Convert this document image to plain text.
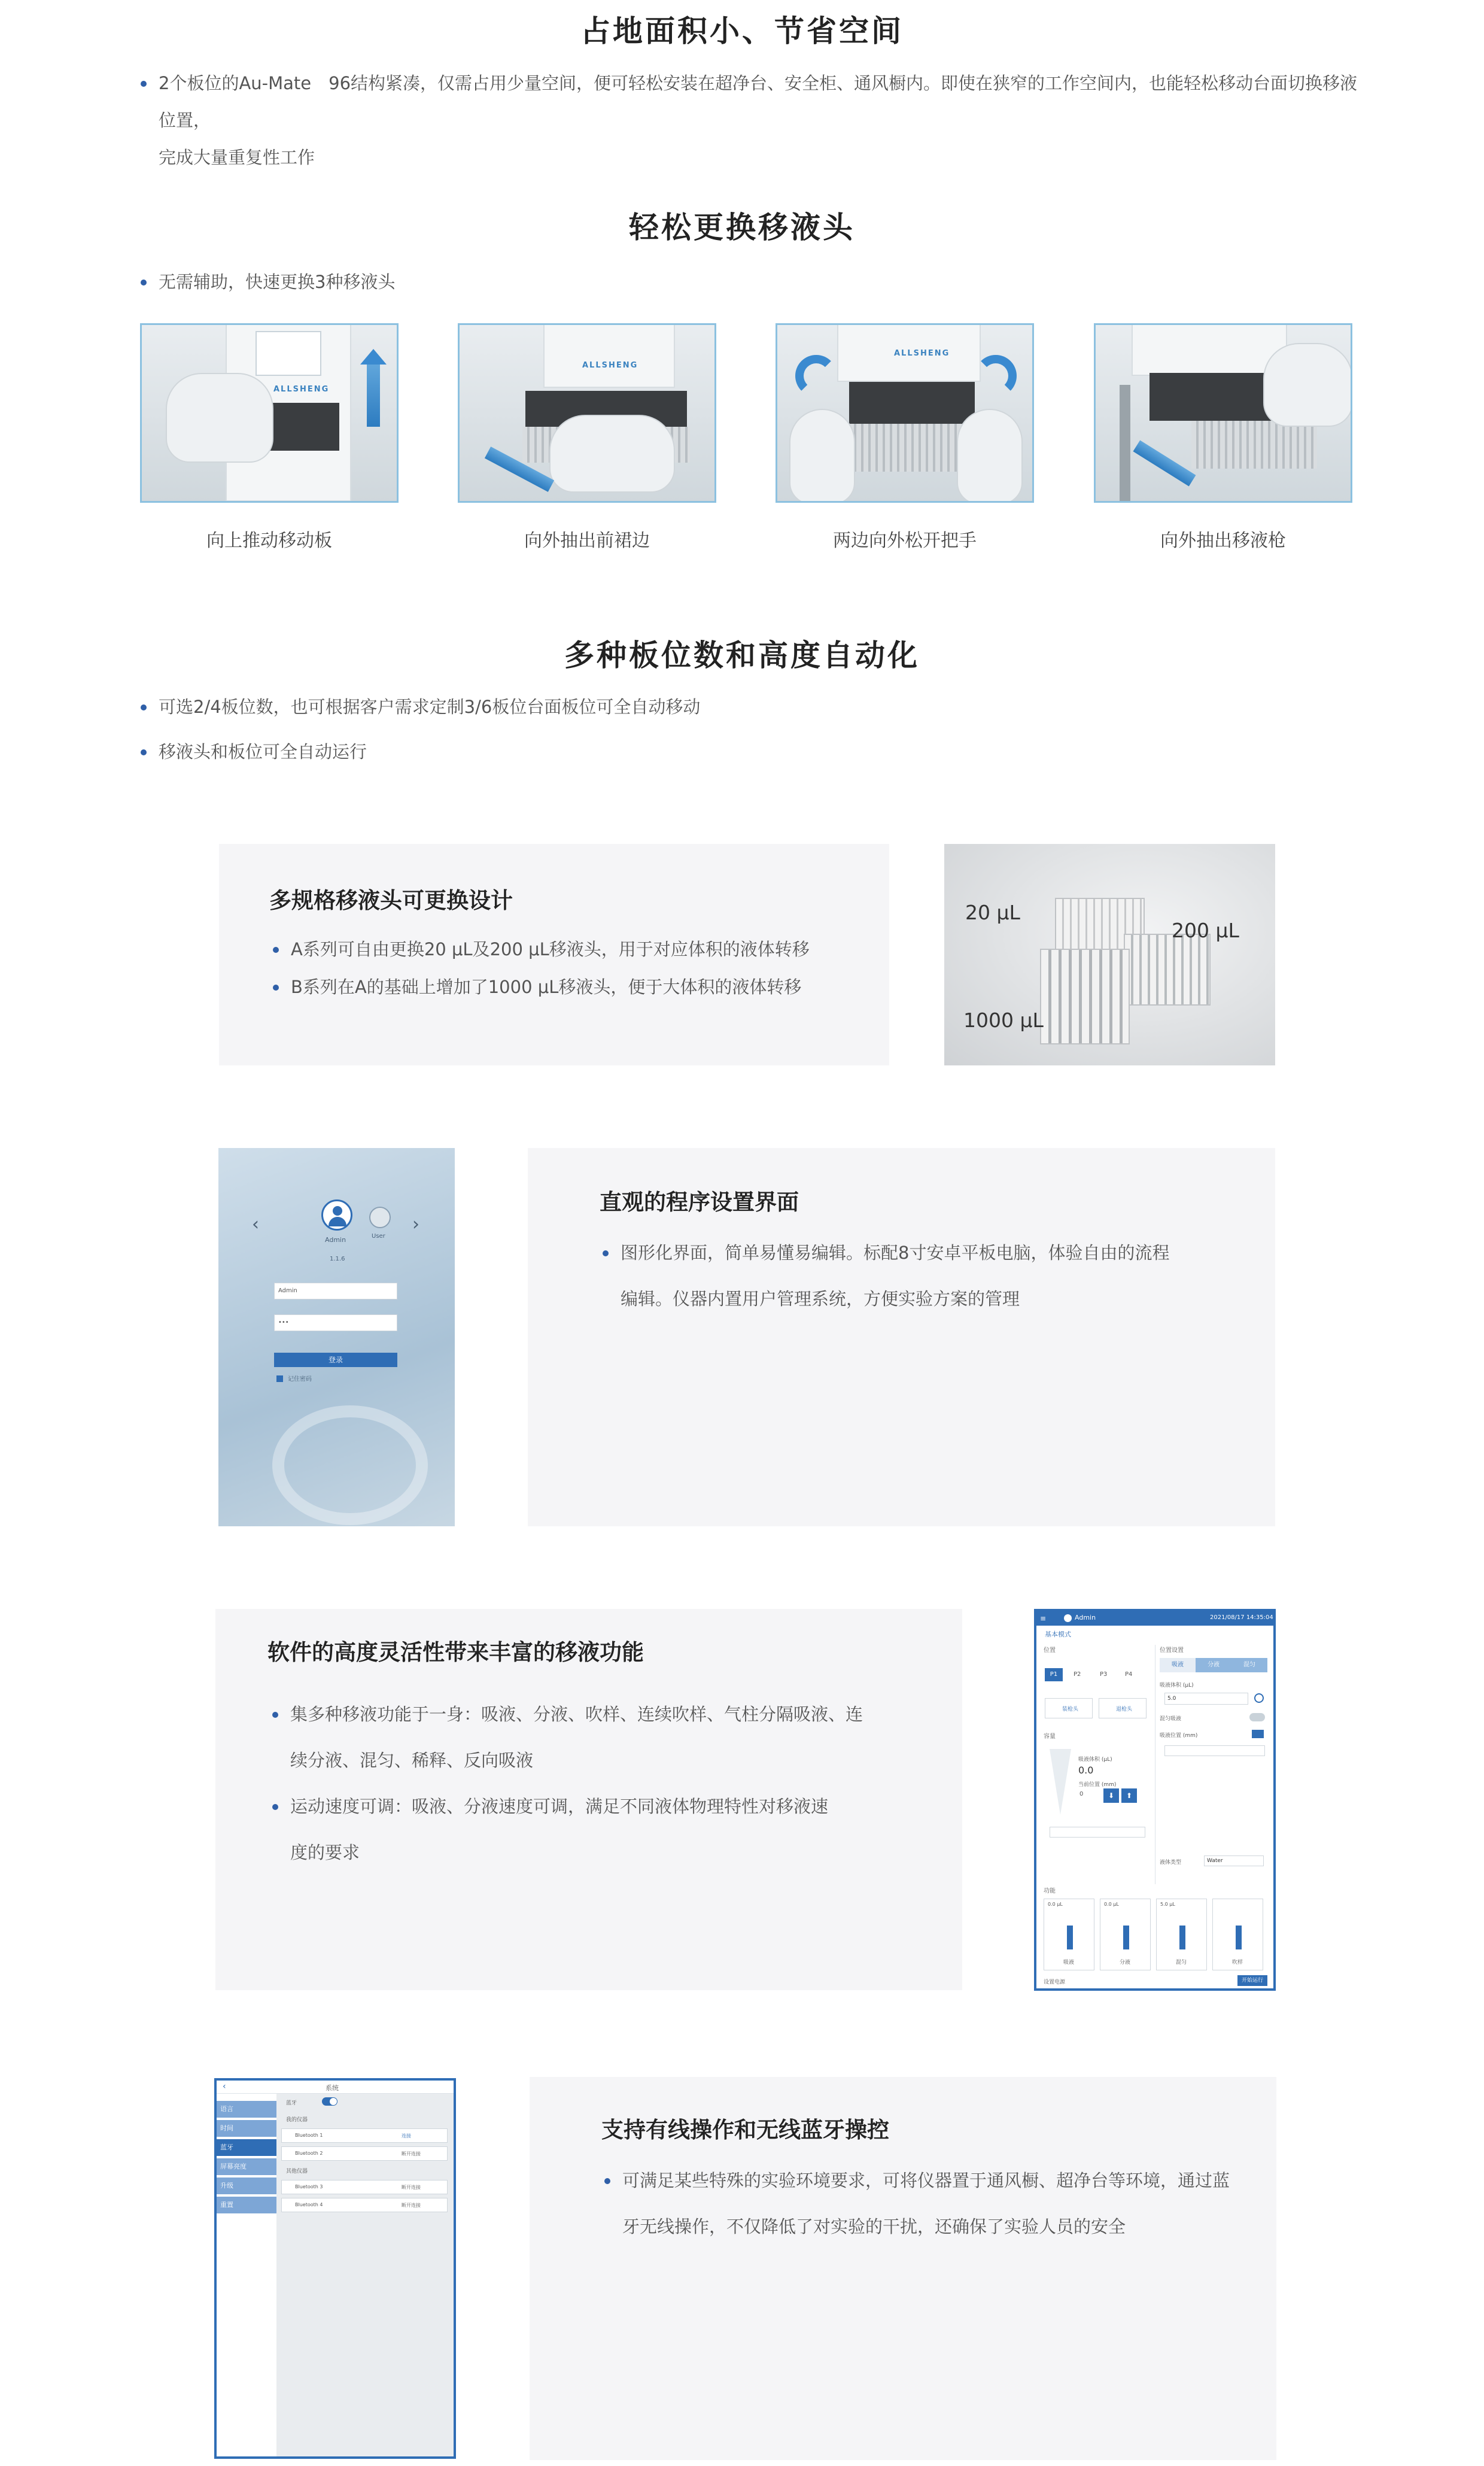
占地面积小、节省空间
2个板位的Au-Mate　96结构紧凑，仅需占用少量空间，便可轻松安装在超净台、安全柜、通风橱内。即使在狭窄的工作空间内，也能轻松移动台面切换移液位置，
完成大量重复性工作
轻松更换移液头
无需辅助，快速更换3种移液头
ALLSHENG
向上推动移动板
ALLSHENG
向外抽出前裙边
ALLSHENG
两边向外松开把手	向外抽出移液枪
多种板位数和高度自动化
可选2/4板位数，也可根据客户需求定制3/6板位台面板位可全自动移动
移液头和板位可全自动运行
多规格移液头可更换设计
A系列可自由更换20 μL及200 μL移液头，用于对应体积的液体转移
B系列在A的基础上增加了1000 μL移液头，便于大体积的液体转移
20 μL
200 μL
1000 μL
‹	›
Admin	User
1.1.6
Admin
•••
登录
记住密码
直观的程序设置界面
图形化界面，简单易懂易编辑。标配8寸安卓平板电脑，体验自由的流程
编辑。仪器内置用户管理系统，方便实验方案的管理
软件的高度灵活性带来丰富的移液功能
集多种移液功能于一身：吸液、分液、吹样、连续吹样、气柱分隔吸液、连
续分液、混匀、稀释、反向吸液
运动速度可调：吸液、分液速度可调，满足不同液体物理特性对移液速
度的要求
≡	Admin	2021/08/17 14:35:04
基本模式
位置
P1	P2	P3	P4
装枪头	退枪头
容量
吸液体积 (μL)
0.0
当前位置 (mm)
0	⬇	⬆
位置设置
吸液	分液	混匀
吸液体积 (μL)
5.0
混匀吸液
吸液位置 (mm)
液体类型	Water
功能
0.0 μL
吸液
0.0 μL
分液
5.0 μL
混匀	吹样
设置电源	开始运行
‹	系统
语言
时间
蓝牙
屏幕亮度
升级
重置
蓝牙
我的仪器
Bluetooth 1	连接
Bluetooth 2	断开连接
其他仪器
Bluetooth 3	断开连接
Bluetooth 4	断开连接
支持有线操作和无线蓝牙操控
可满足某些特殊的实验环境要求，可将仪器置于通风橱、超净台等环境，通过蓝
牙无线操作，不仅降低了对实验的干扰，还确保了实验人员的安全
